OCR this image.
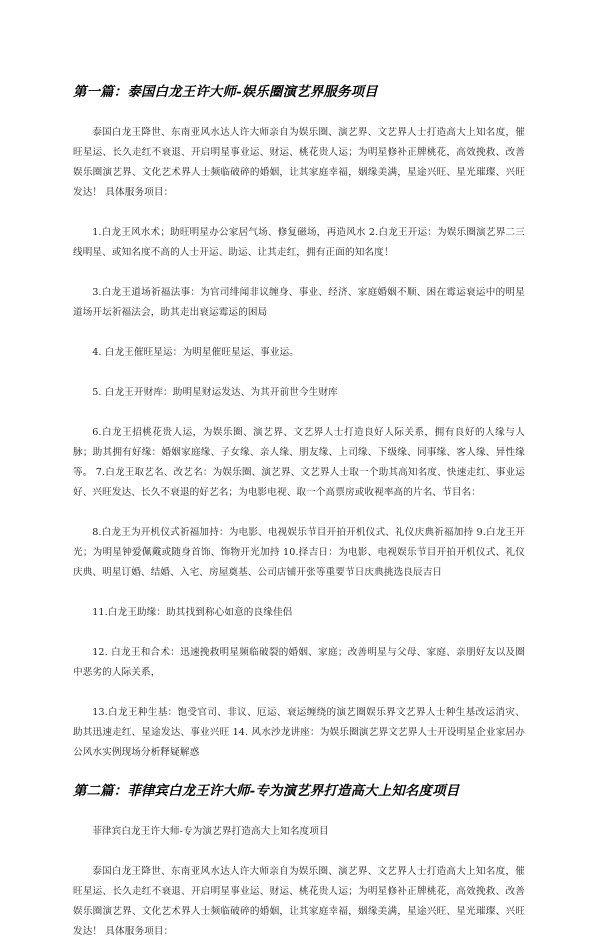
第一篇：泰国白龙王许大师-娱乐圈演艺界服务项目

泰国白龙王降世、东南亚风水达人许大师亲自为娱乐圈、演艺界、文艺界人士打造高大上知名度，催旺星运、长久走红不衰退、开启明星事业运、财运、桃花贵人运；为明星修补正牌桃花，高效挽救、改善娱乐圈演艺界、文化艺术界人士频临破碎的婚姻，让其家庭幸福，姻缘美满，星途兴旺、星光璀璨、兴旺发达！ 具体服务项目：

1.白龙王风水术；助旺明星办公家居气场、修复磁场，再造风水 2.白龙王开运：为娱乐圈演艺界二三线明星、或知名度不高的人士开运、助运、让其走红，拥有正面的知名度！

3.白龙王道场祈福法事：为官司绯闻非议缠身、事业、经济、家庭婚姻不顺、困在霉运衰运中的明星道场开坛祈福法会，助其走出衰运霉运的困局

4. 白龙王催旺星运：为明星催旺星运、事业运。

5. 白龙王开财库：助明星财运发达、为其开前世今生财库

6.白龙王招桃花贵人运，为娱乐圈、演艺界、文艺界人士打造良好人际关系，拥有良好的人缘与人脉；助其拥有好缘：婚姻家庭缘、子女缘、亲人缘、朋友缘、上司缘、下级缘、同事缘、客人缘、异性缘等。 7.白龙王取艺名、改艺名：为娱乐圈、演艺界、文艺界人士取一个助其高知名度、快速走红、事业运好、兴旺发达、长久不衰退的好艺名；为电影电视、取一个高票房或收视率高的片名、节目名：

8.白龙王为开机仪式祈福加持：为电影、电视娱乐节目开拍开机仪式、礼仪庆典祈福加持 9.白龙王开光；为明星钟爱佩戴或随身首饰、饰物开光加持 10.择吉日：为电影、电视娱乐节目开拍开机仪式、礼仪庆典、明星订婚、结婚、入宅、房屋奠基、公司店铺开张等重要节日庆典挑选良辰吉日

11.白龙王助缘：助其找到称心如意的良缘佳侣

12. 白龙王和合术：迅速挽救明星频临破裂的婚姻、家庭；改善明星与父母、家庭、亲朋好友以及圈中恶劣的人际关系，

13.白龙王种生基：饱受官司、非议、厄运、衰运缠绕的演艺圈娱乐界文艺界人士种生基改运消灾、助其迅速走红、星途发达、事业兴旺 14. 风水沙龙讲座：为娱乐圈演艺界文艺界人士开设明星企业家居办公风水实例现场分析释疑解惑

第二篇：菲律宾白龙王许大师-专为演艺界打造高大上知名度项目

菲律宾白龙王许大师-专为演艺界打造高大上知名度项目

泰国白龙王降世、东南亚风水达人许大师亲自为娱乐圈、演艺界、文艺界人士打造高大上知名度，催旺星运、长久走红不衰退、开启明星事业运、财运、桃花贵人运；为明星修补正牌桃花，高效挽救、改善娱乐圈演艺界、文化艺术界人士频临破碎的婚姻，让其家庭幸福，姻缘美满，星途兴旺、星光璀璨、兴旺发达！ 具体服务项目：
